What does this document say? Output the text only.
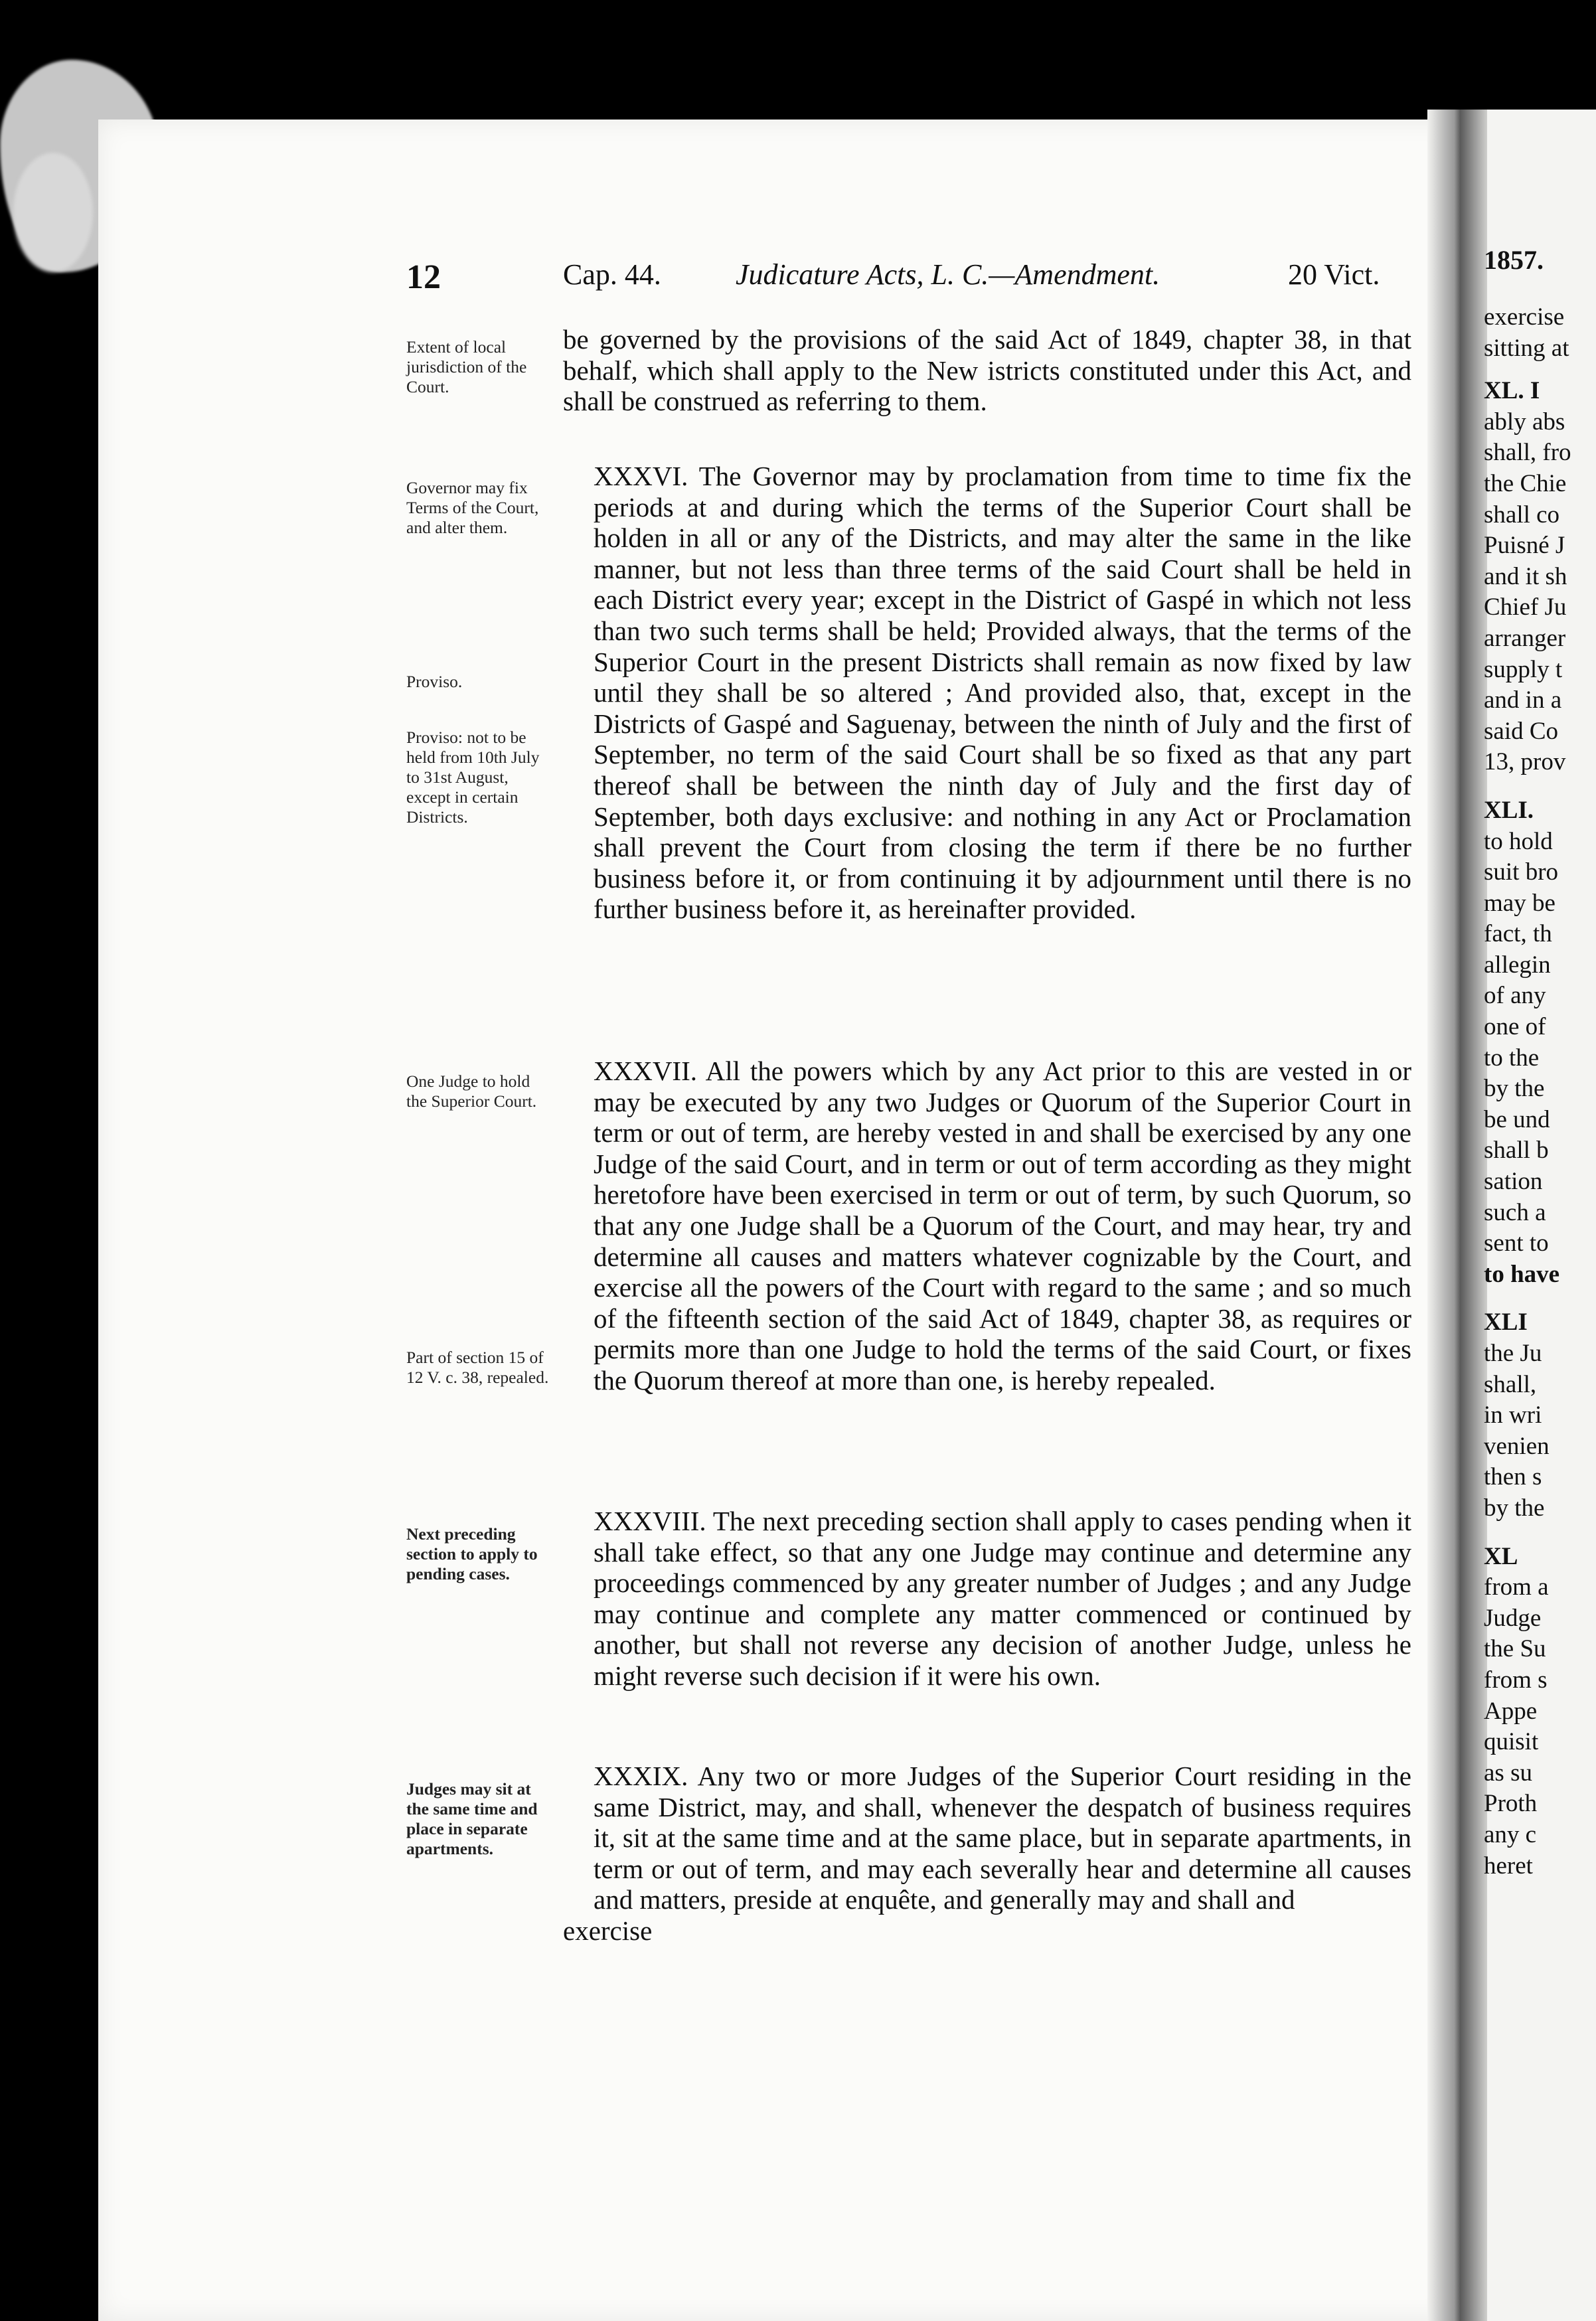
12	Cap. 44.	Judicature Acts, L. C.—Amendment.	20 Vict.	1857.
Extent of local jurisdiction of the Court.
be governed by the provisions of the said Act of 1849, chapter 38, in that behalf, which shall apply to the New istricts constituted under this Act, and shall be construed as referring to them.
Governor may fix Terms of the Court, and alter them.
Proviso.
Proviso: not to be held from 10th July to 31st August, except in certain Districts.
XXXVI. The Governor may by proclamation from time to time fix the periods at and during which the terms of the Superior Court shall be holden in all or any of the Districts, and may alter the same in the like manner, but not less than three terms of the said Court shall be held in each District every year; except in the District of Gaspé in which not less than two such terms shall be held; Provided always, that the terms of the Superior Court in the present Districts shall remain as now fixed by law until they shall be so altered ; And provided also, that, except in the Districts of Gaspé and Saguenay, between the ninth of July and the first of September, no term of the said Court shall be so fixed as that any part thereof shall be between the ninth day of July and the first day of September, both days exclusive: and nothing in any Act or Proclamation shall prevent the Court from closing the term if there be no further business before it, or from continuing it by adjournment until there is no further business before it, as hereinafter provided.
One Judge to hold the Superior Court.
Part of section 15 of 12 V. c. 38, repealed.
XXXVII. All the powers which by any Act prior to this are vested in or may be executed by any two Judges or Quorum of the Superior Court in term or out of term, are hereby vested in and shall be exercised by any one Judge of the said Court, and in term or out of term according as they might heretofore have been exercised in term or out of term, by such Quorum, so that any one Judge shall be a Quorum of the Court, and may hear, try and determine all causes and matters whatever cognizable by the Court, and exercise all the powers of the Court with regard to the same ; and so much of the fifteenth section of the said Act of 1849, chapter 38, as requires or permits more than one Judge to hold the terms of the said Court, or fixes the Quorum thereof at more than one, is hereby repealed.
Next preceding section to apply to pending cases.
XXXVIII. The next preceding section shall apply to cases pending when it shall take effect, so that any one Judge may continue and determine any proceedings commenced by any greater number of Judges ; and any Judge may continue and complete any matter commenced or continued by another, but shall not reverse any decision of another Judge, unless he might reverse such decision if it were his own.
Judges may sit at the same time and place in separate apartments.
XXXIX. Any two or more Judges of the Superior Court residing in the same District, may, and shall, whenever the despatch of business requires it, sit at the same time and at the same place, but in separate apartments, in term or out of term, and may each severally hear and determine all causes and matters, preside at enquête, and generally may and shall and
exercise
exercise
sitting at
XL. I
ably abs
shall, fro
the Chie
shall co
Puisné J
and it sh
Chief Ju
arranger
supply t
and in a
said Co
13, prov
XLI.
to hold
suit bro
may be
fact, th
allegin
of any
one of
to the
by the
be und
shall b
sation
such a
sent to
to have
XLI
the Ju
shall,
in wri
venien
then s
by the
XL
from a
Judge
the Su
from s
Appe
quisit
as su
Proth
any c
heret
